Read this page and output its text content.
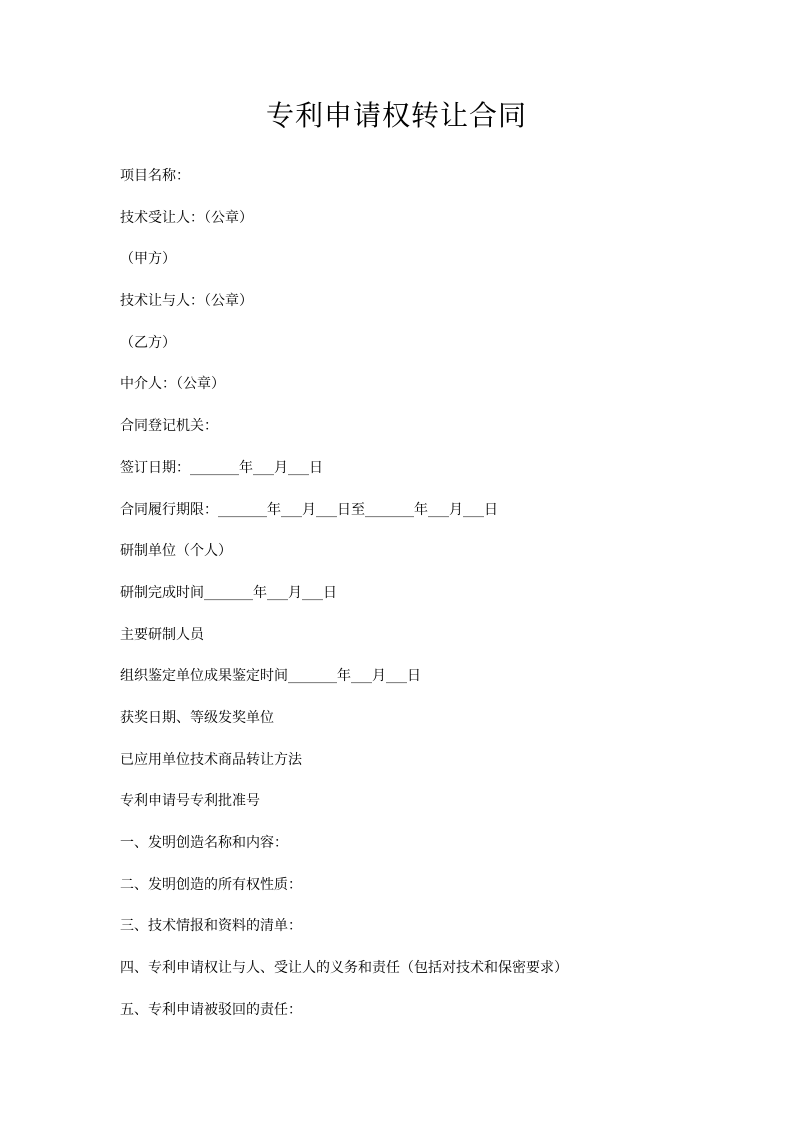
专利申请权转让合同
项目名称：
技术受让人：（公章）
（甲方）
技术让与人：（公章）
（乙方）
中介人：（公章）
合同登记机关：
签订日期：_______年___月___日
合同履行期限：_______年___月___日至_______年___月___日
研制单位（个人）
研制完成时间_______年___月___日
主要研制人员
组织鉴定单位成果鉴定时间_______年___月___日
获奖日期、等级发奖单位
已应用单位技术商品转让方法
专利申请号专利批准号
一、发明创造名称和内容：
二、发明创造的所有权性质：
三、技术情报和资料的清单：
四、专利申请权让与人、受让人的义务和责任（包括对技术和保密要求）
五、专利申请被驳回的责任：
